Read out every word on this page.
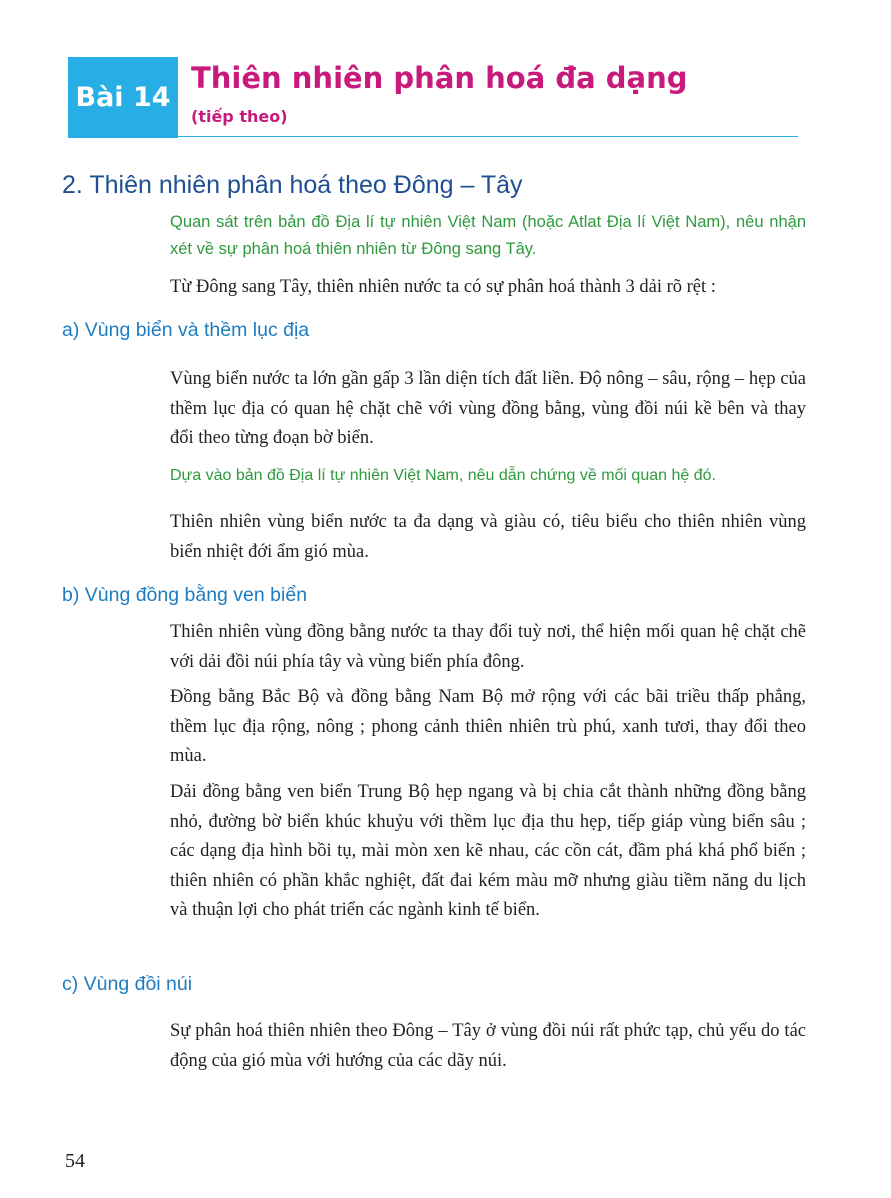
Bài 14
Thiên nhiên phân hoá đa dạng
(tiếp theo)
2. Thiên nhiên phân hoá theo Đông – Tây
Quan sát trên bản đồ Địa lí tự nhiên Việt Nam (hoặc Atlat Địa lí Việt Nam), nêu nhận xét về sự phân hoá thiên nhiên từ Đông sang Tây.
Từ Đông sang Tây, thiên nhiên nước ta có sự phân hoá thành 3 dải rõ rệt :
a) Vùng biển và thềm lục địa
Vùng biển nước ta lớn gần gấp 3 lần diện tích đất liền. Độ nông – sâu, rộng – hẹp của thềm lục địa có quan hệ chặt chẽ với vùng đồng bằng, vùng đồi núi kề bên và thay đổi theo từng đoạn bờ biển.
Dựa vào bản đồ Địa lí tự nhiên Việt Nam, nêu dẫn chứng về mối quan hệ đó.
Thiên nhiên vùng biển nước ta đa dạng và giàu có, tiêu biểu cho thiên nhiên vùng biển nhiệt đới ẩm gió mùa.
b) Vùng đồng bằng ven biển
Thiên nhiên vùng đồng bằng nước ta thay đổi tuỳ nơi, thể hiện mối quan hệ chặt chẽ với dải đồi núi phía tây và vùng biển phía đông.
Đồng bằng Bắc Bộ và đồng bằng Nam Bộ mở rộng với các bãi triều thấp phẳng, thềm lục địa rộng, nông ; phong cảnh thiên nhiên trù phú, xanh tươi, thay đổi theo mùa.
Dải đồng bằng ven biển Trung Bộ hẹp ngang và bị chia cắt thành những đồng bằng nhỏ, đường bờ biển khúc khuỷu với thềm lục địa thu hẹp, tiếp giáp vùng biển sâu ; các dạng địa hình bồi tụ, mài mòn xen kẽ nhau, các cồn cát, đầm phá khá phổ biến ; thiên nhiên có phần khắc nghiệt, đất đai kém màu mỡ nhưng giàu tiềm năng du lịch và thuận lợi cho phát triển các ngành kinh tế biển.
c) Vùng đồi núi
Sự phân hoá thiên nhiên theo Đông – Tây ở vùng đồi núi rất phức tạp, chủ yếu do tác động của gió mùa với hướng của các dãy núi.
54
